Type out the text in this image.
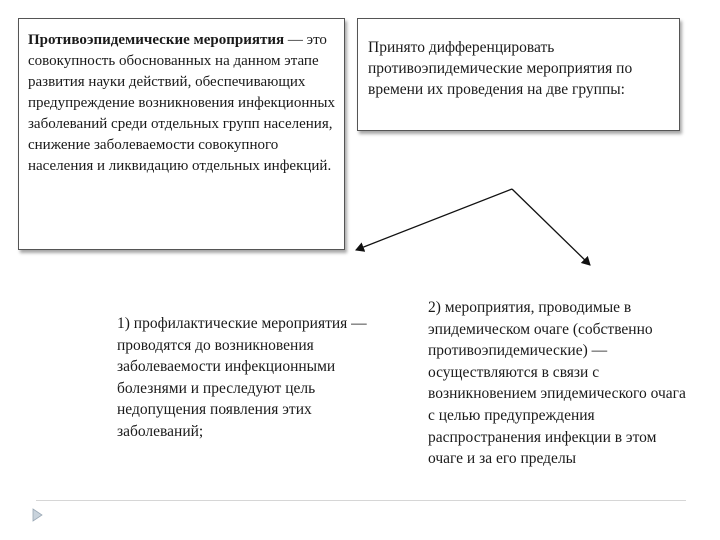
Противоэпидемические мероприятия — это совокупность обоснованных на данном этапе развития науки действий, обеспечивающих предупреждение возникновения инфекционных заболеваний среди отдельных групп населения, снижение заболеваемости совокупного населения и ликвидацию отдельных инфекций.

Принято дифференцировать противоэпидемические мероприятия по времени их проведения на две группы:

1) профилактические мероприятия — проводятся до возникновения заболеваемости инфекционными болезнями и преследуют цель недопущения появления этих заболеваний;

2) мероприятия, проводимые в эпидемическом очаге (собственно противоэпидемические) — осуществляются в связи с возникновением эпидемического очага с целью предупреждения распространения инфекции в этом очаге и за его пределы
